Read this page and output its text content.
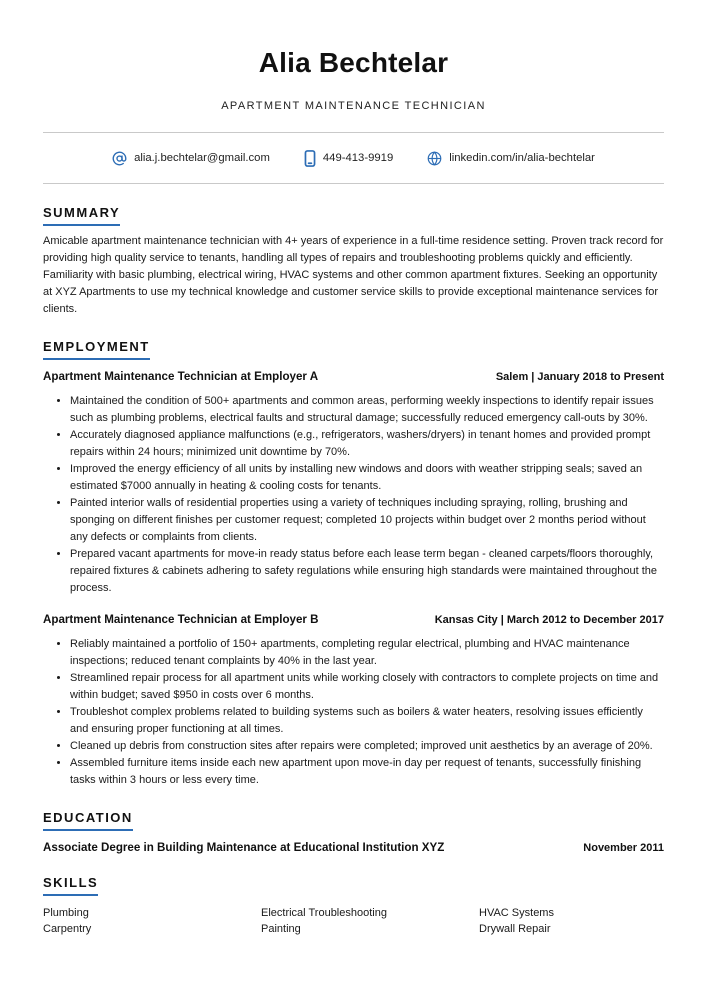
Alia Bechtelar
APARTMENT MAINTENANCE TECHNICIAN
alia.j.bechtelar@gmail.com	449-413-9919	linkedin.com/in/alia-bechtelar
SUMMARY
Amicable apartment maintenance technician with 4+ years of experience in a full-time residence setting. Proven track record for providing high quality service to tenants, handling all types of repairs and troubleshooting problems quickly and efficiently. Familiarity with basic plumbing, electrical wiring, HVAC systems and other common apartment fixtures. Seeking an opportunity at XYZ Apartments to use my technical knowledge and customer service skills to provide exceptional maintenance services for clients.
EMPLOYMENT
Apartment Maintenance Technician at Employer A	Salem | January 2018 to Present
• Maintained the condition of 500+ apartments and common areas, performing weekly inspections to identify repair issues such as plumbing problems, electrical faults and structural damage; successfully reduced emergency call-outs by 30%.
• Accurately diagnosed appliance malfunctions (e.g., refrigerators, washers/dryers) in tenant homes and provided prompt repairs within 24 hours; minimized unit downtime by 70%.
• Improved the energy efficiency of all units by installing new windows and doors with weather stripping seals; saved an estimated $7000 annually in heating & cooling costs for tenants.
• Painted interior walls of residential properties using a variety of techniques including spraying, rolling, brushing and sponging on different finishes per customer request; completed 10 projects within budget over 2 months period without any defects or complaints from clients.
• Prepared vacant apartments for move-in ready status before each lease term began - cleaned carpets/floors thoroughly, repaired fixtures & cabinets adhering to safety regulations while ensuring high standards were maintained throughout the process.
Apartment Maintenance Technician at Employer B	Kansas City | March 2012 to December 2017
• Reliably maintained a portfolio of 150+ apartments, completing regular electrical, plumbing and HVAC maintenance inspections; reduced tenant complaints by 40% in the last year.
• Streamlined repair process for all apartment units while working closely with contractors to complete projects on time and within budget; saved $950 in costs over 6 months.
• Troubleshot complex problems related to building systems such as boilers & water heaters, resolving issues efficiently and ensuring proper functioning at all times.
• Cleaned up debris from construction sites after repairs were completed; improved unit aesthetics by an average of 20%.
• Assembled furniture items inside each new apartment upon move-in day per request of tenants, successfully finishing tasks within 3 hours or less every time.
EDUCATION
Associate Degree in Building Maintenance at Educational Institution XYZ	November 2011
SKILLS
Plumbing	Electrical Troubleshooting	HVAC Systems
Carpentry	Painting	Drywall Repair
